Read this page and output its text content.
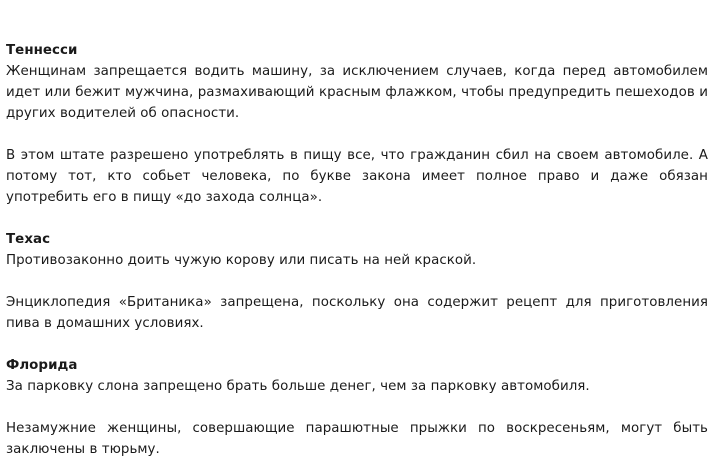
Теннесси

Женщинам запрещается водить машину, за исключением случаев, когда перед автомобилем идет или бежит мужчина, размахивающий красным флажком, чтобы предупредить пешеходов и других водителей об опасности.

В этом штате разрешено употреблять в пищу все, что гражданин сбил на своем автомобиле. А потому тот, кто собьет человека, по букве закона имеет полное право и даже обязан употребить его в пищу «до захода солнца».

Техас

Противозаконно доить чужую корову или писать на ней краской.

Энциклопедия «Британика» запрещена, поскольку она содержит рецепт для приготовления пива в домашних условиях.

Флорида

За парковку слона запрещено брать больше денег, чем за парковку автомобиля.

Незамужние женщины, совершающие парашютные прыжки по воскресеньям, могут быть заключены в тюрьму.
